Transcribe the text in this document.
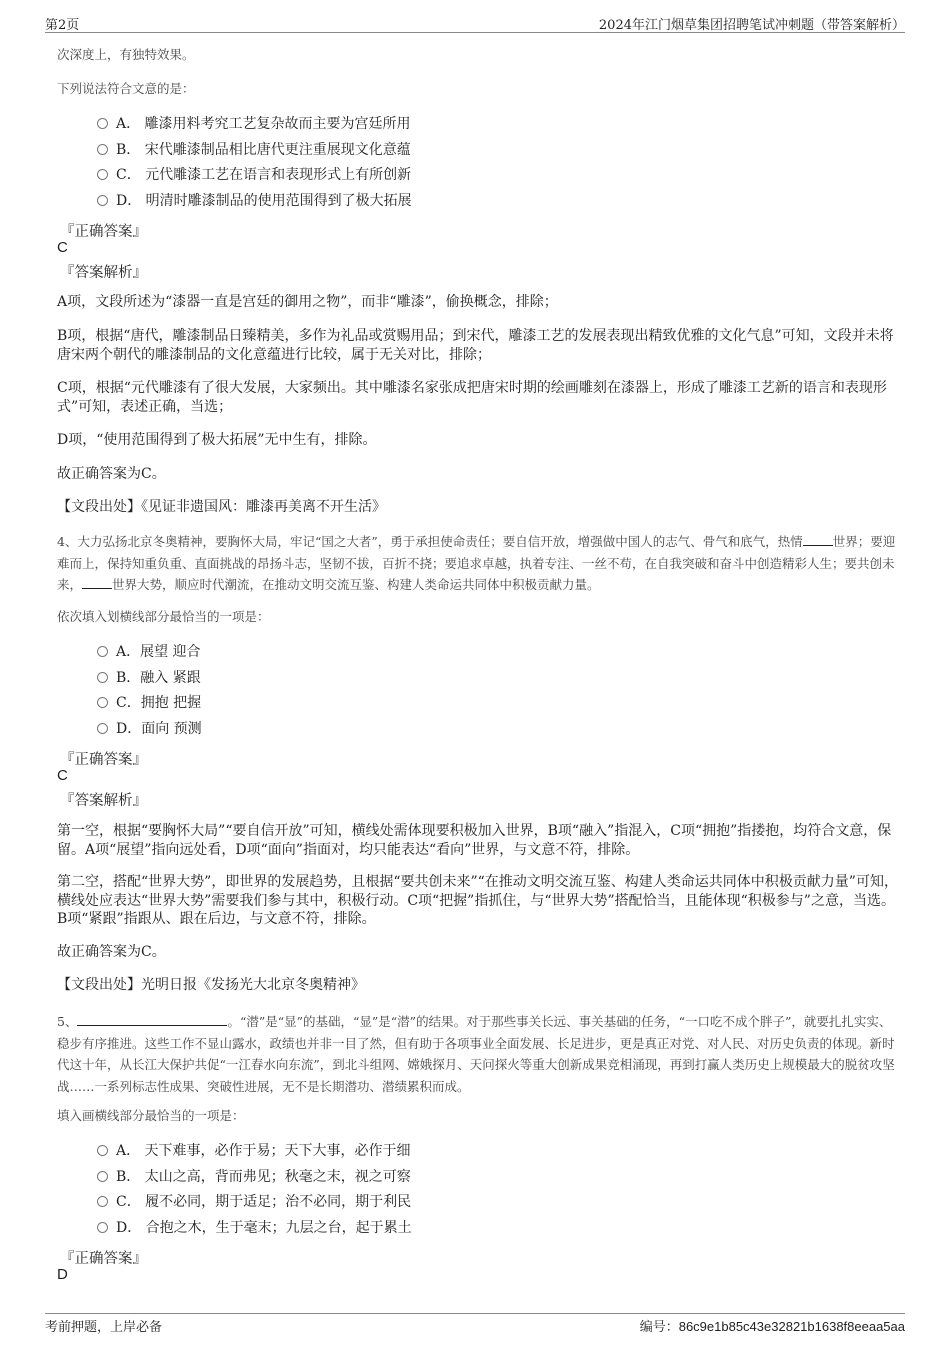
第2页	2024年江门烟草集团招聘笔试冲刺题（带答案解析）
次深度上，有独特效果。
下列说法符合文意的是：
A． 雕漆用料考究工艺复杂故而主要为宫廷所用
B． 宋代雕漆制品相比唐代更注重展现文化意蕴
C． 元代雕漆工艺在语言和表现形式上有所创新
D． 明清时雕漆制品的使用范围得到了极大拓展
『正确答案』
C
『答案解析』
A项，文段所述为“漆器一直是宫廷的御用之物”，而非“雕漆”，偷换概念，排除；
B项，根据“唐代，雕漆制品日臻精美，多作为礼品或赏赐用品；到宋代，雕漆工艺的发展表现出精致优雅的文化气息”可知，文段并未将唐宋两个朝代的雕漆制品的文化意蕴进行比较，属于无关对比，排除；
C项，根据“元代雕漆有了很大发展，大家频出。其中雕漆名家张成把唐宋时期的绘画雕刻在漆器上，形成了雕漆工艺新的语言和表现形式”可知，表述正确，当选；
D项，“使用范围得到了极大拓展”无中生有，排除。
故正确答案为C。
【文段出处】《见证非遗国风：雕漆再美离不开生活》
4、大力弘扬北京冬奥精神，要胸怀大局，牢记“国之大者”，勇于承担使命责任；要自信开放，增强做中国人的志气、骨气和底气，热情 世界；要迎难而上，保持知重负重、直面挑战的昂扬斗志，坚韧不拔，百折不挠；要追求卓越，执着专注、一丝不苟，在自我突破和奋斗中创造精彩人生；要共创未来， 世界大势，顺应时代潮流，在推动文明交流互鉴、构建人类命运共同体中积极贡献力量。
依次填入划横线部分最恰当的一项是：
A．展望 迎合
B．融入 紧跟
C．拥抱 把握
D．面向 预测
『正确答案』
C
『答案解析』
第一空，根据“要胸怀大局”“要自信开放”可知，横线处需体现要积极加入世界，B项“融入”指混入，C项“拥抱”指搂抱，均符合文意，保留。A项“展望”指向远处看，D项“面向”指面对，均只能表达“看向”世界，与文意不符，排除。
第二空，搭配“世界大势”，即世界的发展趋势，且根据“要共创未来”“在推动文明交流互鉴、构建人类命运共同体中积极贡献力量”可知，横线处应表达“世界大势”需要我们参与其中，积极行动。C项“把握”指抓住，与“世界大势”搭配恰当，且能体现“积极参与”之意，当选。B项“紧跟”指跟从、跟在后边，与文意不符，排除。
故正确答案为C。
【文段出处】光明日报《发扬光大北京冬奥精神》
5、	。“潜”是“显”的基础，“显”是“潜”的结果。对于那些事关长远、事关基础的任务，“一口吃不成个胖子”，就要扎扎实实、稳步有序推进。这些工作不显山露水，政绩也并非一目了然，但有助于各项事业全面发展、长足进步，更是真正对党、对人民、对历史负责的体现。新时代这十年，从长江大保护共促“一江春水向东流”，到北斗组网、嫦娥探月、天问探火等重大创新成果竞相涌现，再到打赢人类历史上规模最大的脱贫攻坚战……一系列标志性成果、突破性进展，无不是长期潜功、潜绩累积而成。
填入画横线部分最恰当的一项是：
A． 天下难事，必作于易；天下大事，必作于细
B． 太山之高，背而弗见；秋毫之末，视之可察
C． 履不必同，期于适足；治不必同，期于利民
D． 合抱之木，生于毫末；九层之台，起于累土
『正确答案』
D
考前押题，上岸必备	编号：86c9e1b85c43e32821b1638f8eeaa5aa
